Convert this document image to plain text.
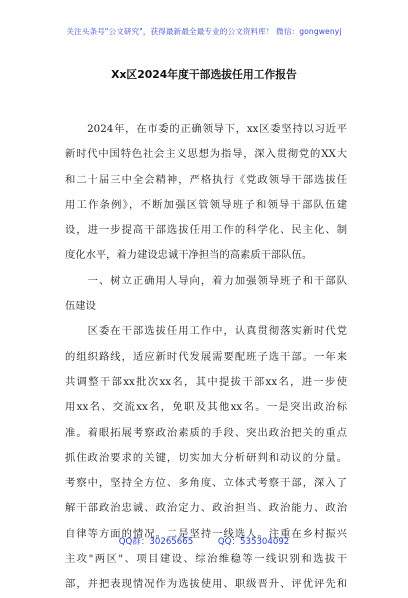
关注头条号"公文研究"，获得最新最全最专业的公文资料库！ 微信：gongwenyj
Xx区2024年度干部选拔任用工作报告
　　2024年，在市委的正确领导下，xx区委坚持以习近平
新时代中国特色社会主义思想为指导，深入贯彻党的XX大
和二十届三中全会精神，严格执行《党政领导干部选拔任
用工作条例》，不断加强区管领导班子和领导干部队伍建
设，进一步提高干部选拔任用工作的科学化、民主化、制
度化水平，着力建设忠诚干净担当的高素质干部队伍。
　　一、树立正确用人导向，着力加强领导班子和干部队
伍建设
　　区委在干部选拔任用工作中，认真贯彻落实新时代党
的组织路线，适应新时代发展需要配班子选干部。一年来
共调整干部xx批次xx名，其中提拔干部xx名，进一步使
用xx名、交流xx名，免职及其他xx名。一是突出政治标
准。着眼拓展考察政治素质的手段、突出政治把关的重点
抓住政治要求的关键，切实加大分析研判和动议的分量。
考察中，坚持全方位、多角度、立体式考察干部，深入了
解干部政治忠诚、政治定力、政治担当、政治能力、政治
自律等方面的情况。二是坚持一线选人。注重在乡村振兴
主攻"两区"、项目建设、综治维稳等一线识别和选拔干
部，并把表现情况作为选拔使用、职级晋升、评优评先和
QQ群：30265665	QQ：535304092
